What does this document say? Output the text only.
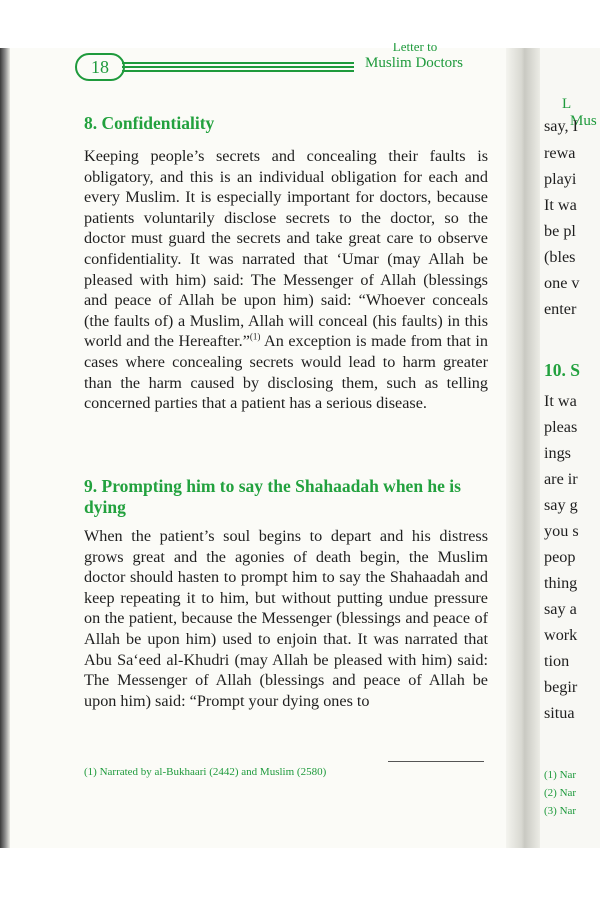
18
Letter to
Muslim Doctors
8. Confidentiality

Keeping people’s secrets and concealing their faults is obligatory, and this is an individual obligation for each and every Muslim. It is especially important for doctors, because patients voluntarily disclose secrets to the doctor, so the doctor must guard the secrets and take great care to observe confidentiality. It was narrated that ‘Umar (may Allah be pleased with him) said: The Messenger of Allah (blessings and peace of Allah be upon him) said: “Whoever conceals (the faults of) a Muslim, Allah will conceal (his faults) in this world and the Hereafter.”$^{(1)}$ An exception is made from that in cases where concealing secrets would lead to harm greater than the harm caused by disclosing them, such as telling concerned parties that a patient has a serious disease.

9. Prompting him to say the Shahaadah when he is dying

When the patient’s soul begins to depart and his distress grows great and the agonies of death begin, the Muslim doctor should hasten to prompt him to say the Shahaadah and keep repeating it to him, but without putting undue pressure on the patient, because the Messenger (blessings and peace of Allah be upon him) used to enjoin that. It was narrated that Abu Sa‘eed al-Khudri (may Allah be pleased with him) said: The Messenger of Allah (blessings and peace of Allah be upon him) said: “Prompt your dying ones to

(1) Narrated by al-Bukhaari (2442) and Muslim (2580)
L
Mus
say, I
rewa
playi
It wa
be pl
(bles
one v
enter
10. S
It wa
pleas
ings
are ir
say g
you s
peop
thing
say a
work
tion
begir
situa
(1) Nar
(2) Nar
(3) Nar
